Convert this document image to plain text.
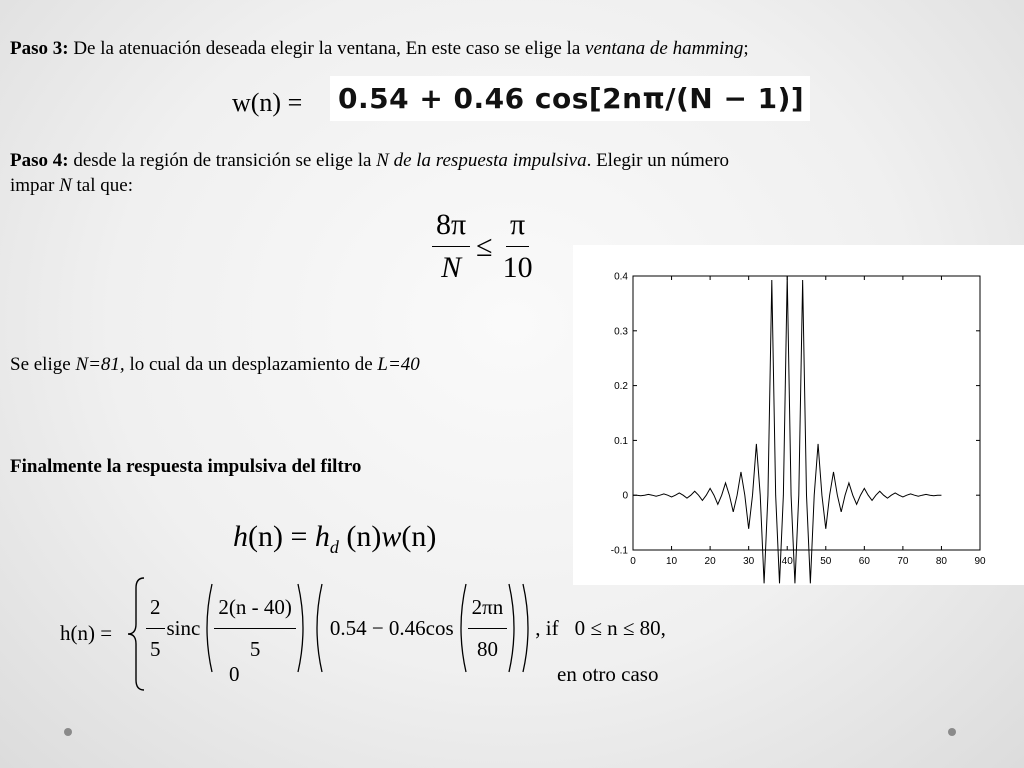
Paso 3: De la atenuación deseada elegir la ventana, En este caso se elige la ventana de hamming;
w(n) = 0.54 + 0.46 cos[2nπ/(N − 1)]
Paso 4: desde la región de transición se elige la N de la respuesta impulsiva. Elegir un número
impar N tal que:
$\frac{8\pi}{N} \le \frac{\pi}{10}$
Se elige N=81, lo cual da un desplazamiento de L=40
Finalmente la respuesta impulsiva del filtro
$h(n) = h_d$ (n)w(n)
$h(n) = \frac{2}{5}$ sinc $\frac{2(n - 40)}{5} 0.54 - 0.46\cos \frac{2\pi n}{80}$ , if 0 ≤ n ≤ 80,
0	en otro caso
0	10	20	30	40	50	60	70	80	90
-0.1
0
0.1
0.2
0.3
0.4
